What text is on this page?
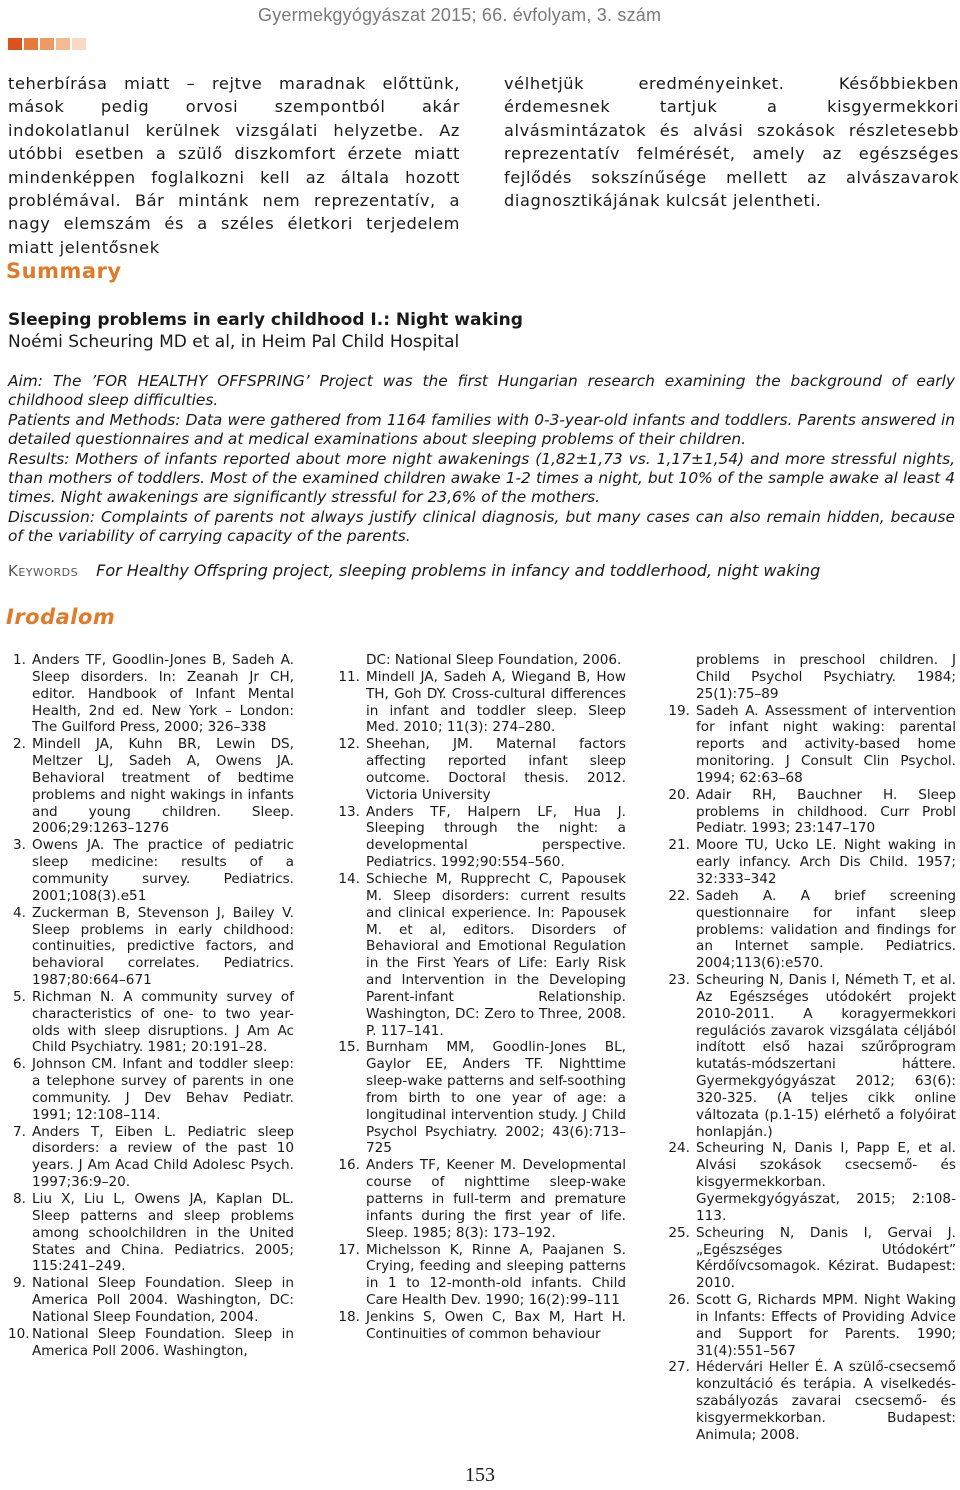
Gyermekgyógyászat 2015; 66. évfolyam, 3. szám
teherbírása miatt – rejtve maradnak előttünk, mások pedig orvosi szempontból akár indokolatlanul kerülnek vizsgálati helyzetbe. Az utóbbi esetben a szülő diszkomfort érzete miatt mindenképpen foglalkozni kell az általa hozott problémával. Bár mintánk nem reprezentatív, a nagy elemszám és a széles életkori terjedelem miatt jelentősnek
vélhetjük eredményeinket. Későbbiekben érdemesnek tartjuk a kisgyermekkori alvásmintázatok és alvási szokások részletesebb reprezentatív felmérését, amely az egészséges fejlődés sokszínűsége mellett az alvászavarok diagnosztikájának kulcsát jelentheti.
Summary
Sleeping problems in early childhood I.: Night waking
Noémi Scheuring MD et al, in Heim Pal Child Hospital

Aim: The ’FOR HEALTHY OFFSPRING’ Project was the first Hungarian research examining the background of early childhood sleep difficulties.

Patients and Methods: Data were gathered from 1164 families with 0-3-year-old infants and toddlers. Parents answered in detailed questionnaires and at medical examinations about sleeping problems of their children.

Results: Mothers of infants reported about more night awakenings (1,82±1,73 vs. 1,17±1,54) and more stressful nights, than mothers of toddlers. Most of the examined children awake 1-2 times a night, but 10% of the sample awake al least 4 times. Night awakenings are significantly stressful for 23,6% of the mothers.

Discussion: Complaints of parents not always justify clinical diagnosis, but many cases can also remain hidden, because of the variability of carrying capacity of the parents.

Keywords For Healthy Offspring project, sleeping problems in infancy and toddlerhood, night waking
Irodalom
1. Anders TF, Goodlin-Jones B, Sadeh A. Sleep disorders. In: Zeanah Jr CH, editor. Handbook of Infant Mental Health, 2nd ed. New York – London: The Guilford Press, 2000; 326–338
2. Mindell JA, Kuhn BR, Lewin DS, Meltzer LJ, Sadeh A, Owens JA. Behavioral treatment of bedtime problems and night wakings in infants and young children. Sleep. 2006;29:1263–1276
3. Owens JA. The practice of pediatric sleep medicine: results of a community survey. Pediatrics. 2001;108(3).e51
4. Zuckerman B, Stevenson J, Bailey V. Sleep problems in early childhood: continuities, predictive factors, and behavioral correlates. Pediatrics. 1987;80:664–671
5. Richman N. A community survey of characteristics of one- to two year-olds with sleep disruptions. J Am Ac Child Psychiatry. 1981; 20:191–28.
6. Johnson CM. Infant and toddler sleep: a telephone survey of parents in one community. J Dev Behav Pediatr. 1991; 12:108–114.
7. Anders T, Eiben L. Pediatric sleep disorders: a review of the past 10 years. J Am Acad Child Adolesc Psych. 1997;36:9–20.
8. Liu X, Liu L, Owens JA, Kaplan DL. Sleep patterns and sleep problems among schoolchildren in the United States and China. Pediatrics. 2005; 115:241–249.
9. National Sleep Foundation. Sleep in America Poll 2004. Washington, DC: National Sleep Foundation, 2004.
10. National Sleep Foundation. Sleep in America Poll 2006. Washington,
DC: National Sleep Foundation, 2006.
11. Mindell JA, Sadeh A, Wiegand B, How TH, Goh DY. Cross-cultural differences in infant and toddler sleep. Sleep Med. 2010; 11(3): 274–280.
12. Sheehan, JM. Maternal factors affecting reported infant sleep outcome. Doctoral thesis. 2012. Victoria University
13. Anders TF, Halpern LF, Hua J. Sleeping through the night: a developmental perspective. Pediatrics. 1992;90:554–560.
14. Schieche M, Rupprecht C, Papousek M. Sleep disorders: current results and clinical experience. In: Papousek M. et al, editors. Disorders of Behavioral and Emotional Regulation in the First Years of Life: Early Risk and Intervention in the Developing Parent-infant Relationship. Washington, DC: Zero to Three, 2008. P. 117–141.
15. Burnham MM, Goodlin-Jones BL, Gaylor EE, Anders TF. Nighttime sleep-wake patterns and self-soothing from birth to one year of age: a longitudinal intervention study. J Child Psychol Psychiatry. 2002; 43(6):713–725
16. Anders TF, Keener M. Developmental course of nighttime sleep-wake patterns in full-term and premature infants during the first year of life. Sleep. 1985; 8(3): 173–192.
17. Michelsson K, Rinne A, Paajanen S. Crying, feeding and sleeping patterns in 1 to 12-month-old infants. Child Care Health Dev. 1990; 16(2):99–111
18. Jenkins S, Owen C, Bax M, Hart H. Continuities of common behaviour
problems in preschool children. J Child Psychol Psychiatry. 1984; 25(1):75–89
19. Sadeh A. Assessment of intervention for infant night waking: parental reports and activity-based home monitoring. J Consult Clin Psychol. 1994; 62:63–68
20. Adair RH, Bauchner H. Sleep problems in childhood. Curr Probl Pediatr. 1993; 23:147–170
21. Moore TU, Ucko LE. Night waking in early infancy. Arch Dis Child. 1957; 32:333–342
22. Sadeh A. A brief screening questionnaire for infant sleep problems: validation and findings for an Internet sample. Pediatrics. 2004;113(6):e570.
23. Scheuring N, Danis I, Németh T, et al. Az Egészséges utódokért projekt 2010-2011. A koragyermekkori regulációs zavarok vizsgálata céljából indított első hazai szűrőprogram kutatás-módszertani háttere. Gyermekgyógyászat 2012; 63(6): 320-325. (A teljes cikk online változata (p.1-15) elérhető a folyóirat honlapján.)
24. Scheuring N, Danis I, Papp E, et al. Alvási szokások csecsemő- és kisgyermekkorban. Gyermekgyógyászat, 2015; 2:108-113.
25. Scheuring N, Danis I, Gervai J. „Egészséges Utódokért” Kérdőívcsomagok. Kézirat. Budapest: 2010.
26. Scott G, Richards MPM. Night Waking in Infants: Effects of Providing Advice and Support for Parents. 1990; 31(4):551–567
27. Hédervári Heller É. A szülő-csecsemő konzultáció és terápia. A viselkedés-szabályozás zavarai csecsemő- és kisgyermekkorban. Budapest: Animula; 2008.
153
